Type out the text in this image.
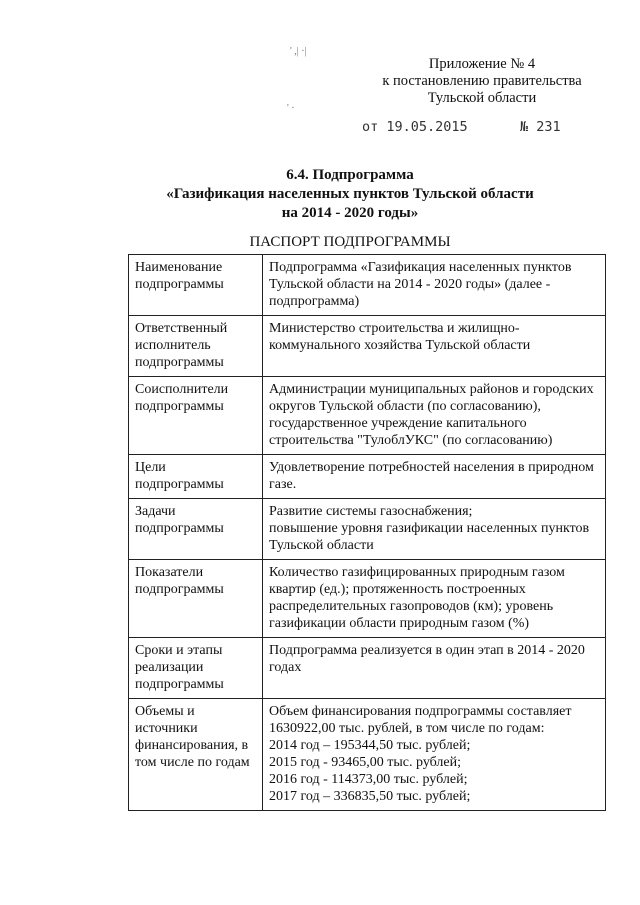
' ,| ·|
' ·
Приложение № 4
к постановлению правительства
Тульской области
от 19.05.2015	№ 231
6.4. Подпрограмма
«Газификация населенных пунктов Тульской области
на 2014 - 2020 годы»
ПАСПОРТ ПОДПРОГРАММЫ
Наименование подпрограммы	Подпрограмма «Газификация населенных пунктов Тульской области на 2014 - 2020 годы» (далее - подпрограмма)

Ответственный исполнитель подпрограммы	Министерство строительства и жилищно-коммунального хозяйства Тульской области

Соисполнители подпрограммы	Администрации муниципальных районов и городских округов Тульской области (по согласованию), государственное учреждение капитального строительства "ТулоблУКС" (по согласованию)

Цели подпрограммы	Удовлетворение потребностей населения в природном газе.

Задачи подпрограммы	Развитие системы газоснабжения;
повышение уровня газификации населенных пунктов Тульской области

Показатели подпрограммы	Количество газифицированных природным газом квартир (ед.); протяженность построенных распределительных газопроводов (км); уровень газификации области природным газом (%)

Сроки и этапы реализации подпрограммы	Подпрограмма реализуется в один этап в 2014 - 2020 годах

Объемы и источники финансирования, в том числе по годам	Объем финансирования подпрограммы составляет 1630922,00 тыс. рублей, в том числе по годам:
2014 год – 195344,50 тыс. рублей;
2015 год - 93465,00 тыс. рублей;
2016 год - 114373,00 тыс. рублей;
2017 год – 336835,50 тыс. рублей;
